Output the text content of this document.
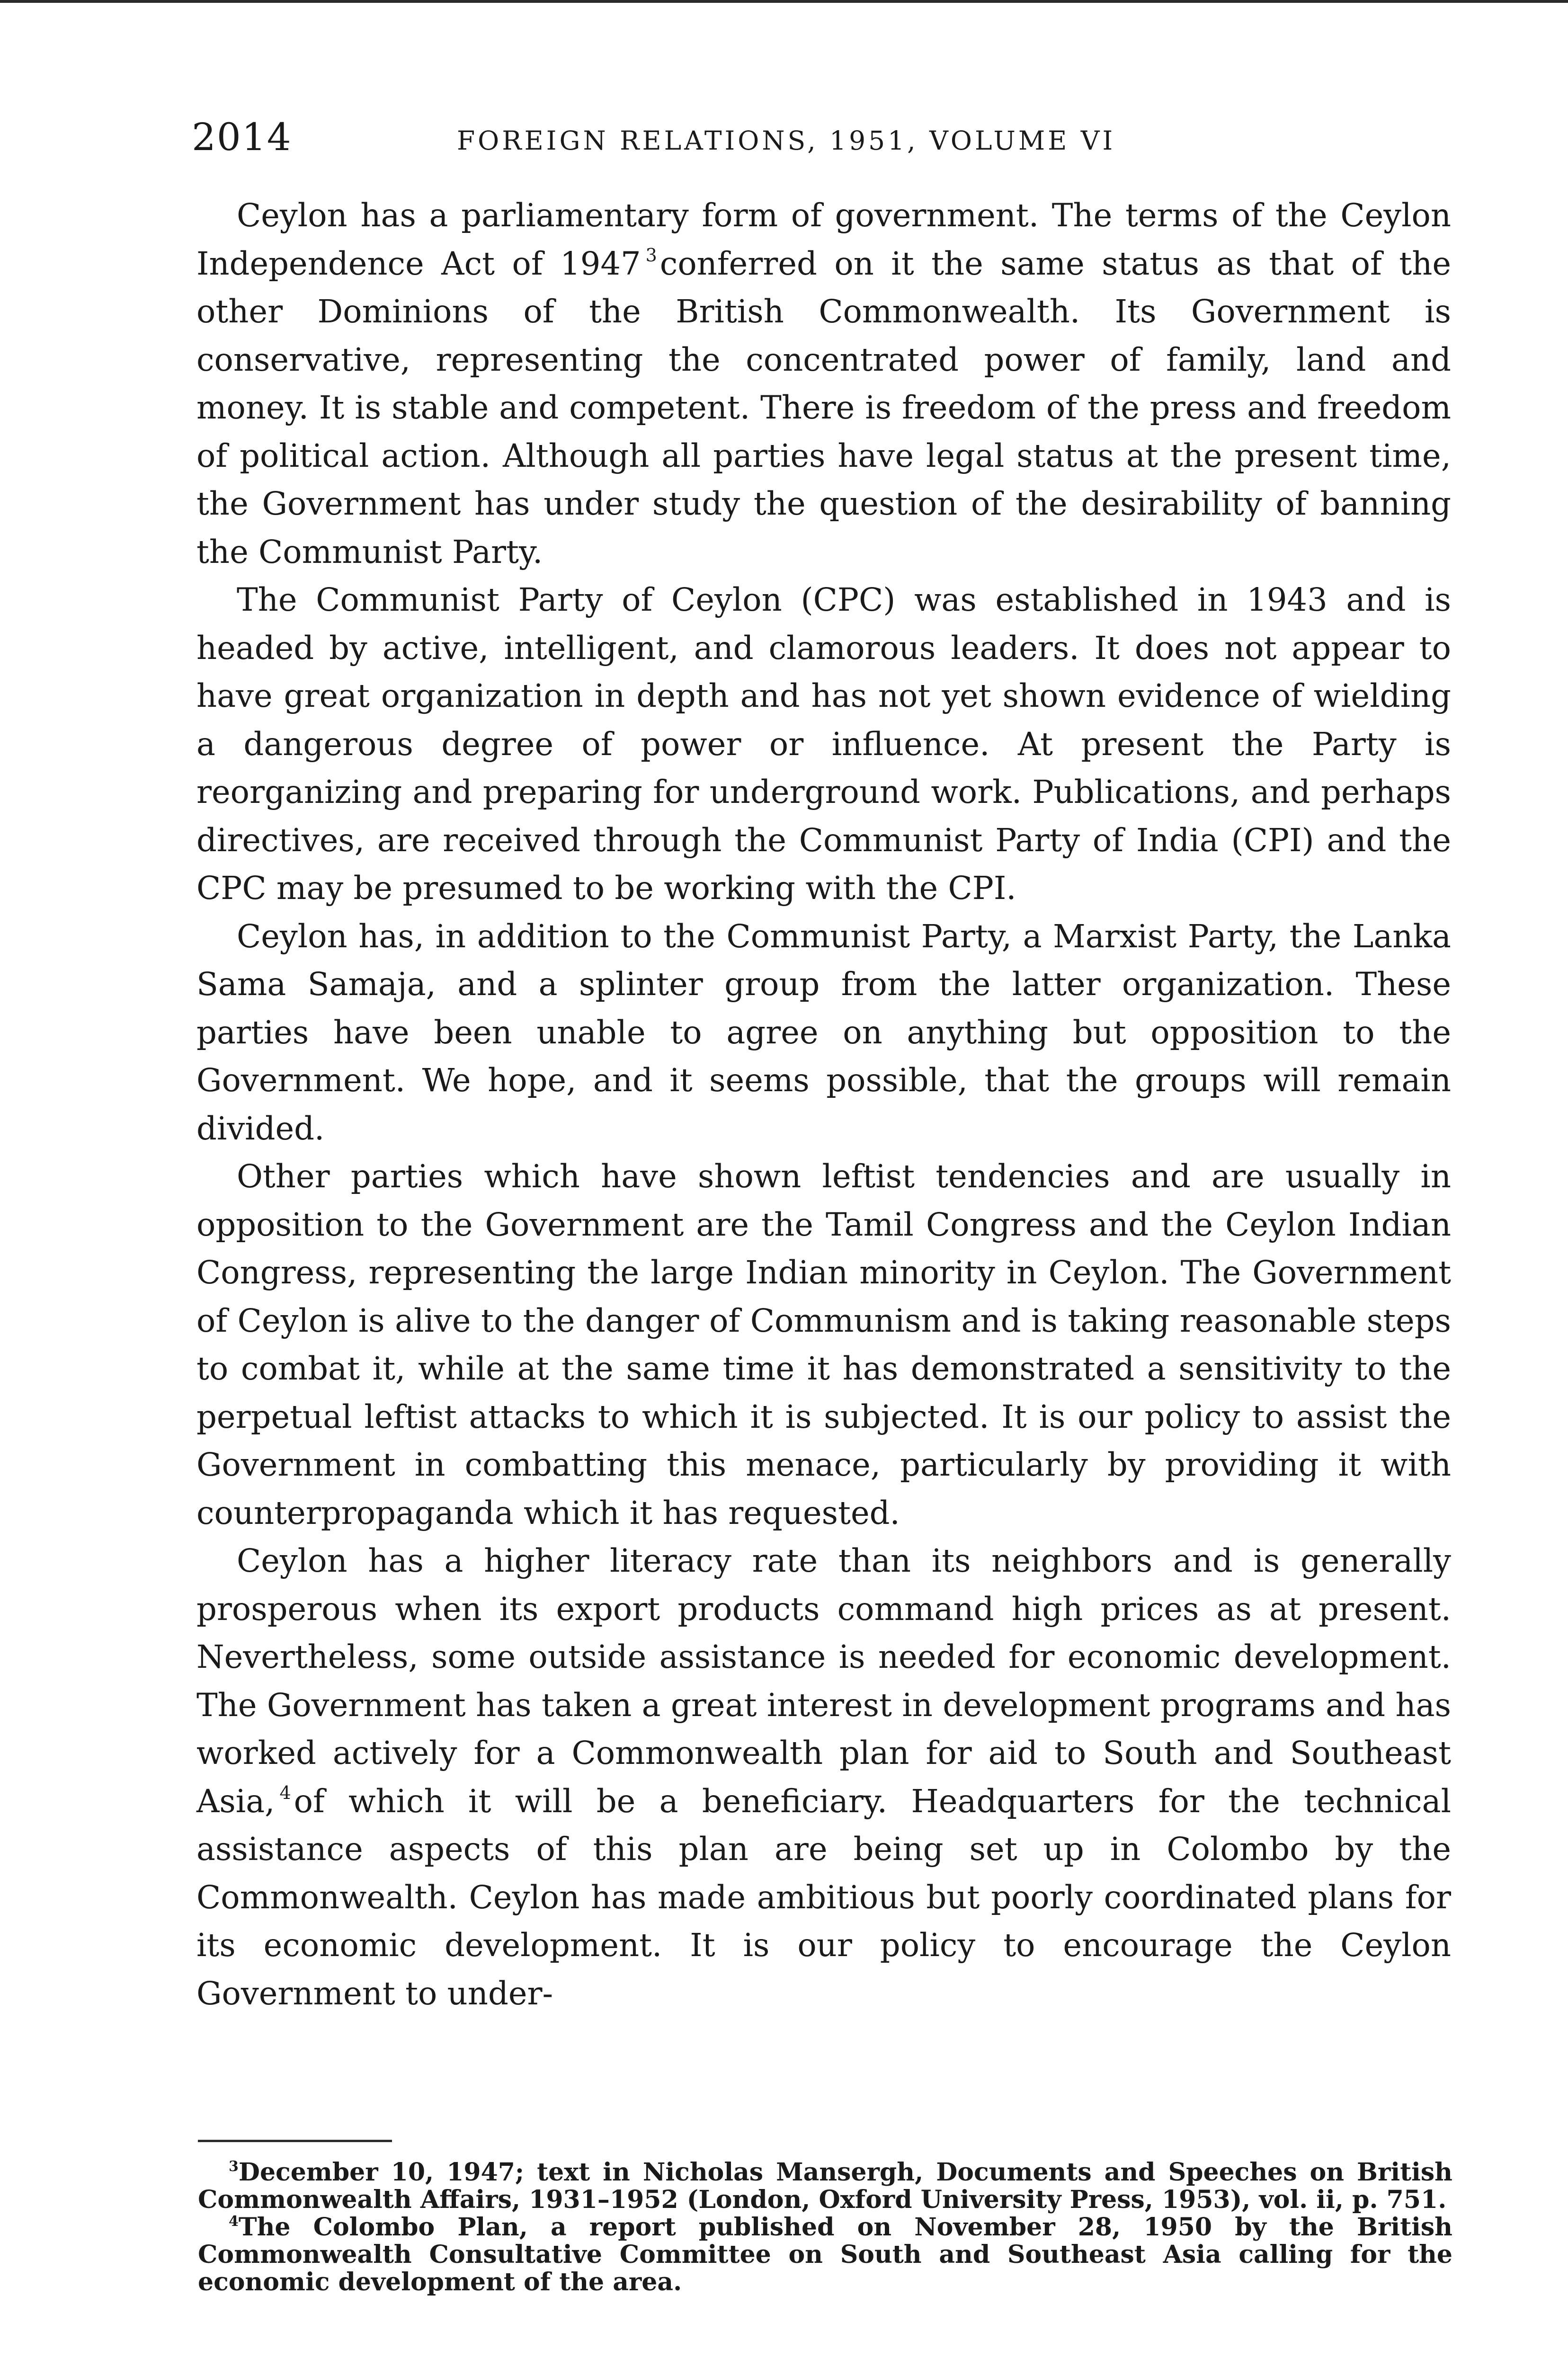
2014	FOREIGN RELATIONS, 1951, VOLUME VI

Ceylon has a parliamentary form of government. The terms of the Ceylon Independence Act of 1947 $^3$conferred on it the same status as that of the other Dominions of the British Commonwealth. Its Government is conservative, representing the concentrated power of family, land and money. It is stable and competent. There is freedom of the press and freedom of political action. Although all parties have legal status at the present time, the Government has under study the question of the desirability of banning the Communist Party.

The Communist Party of Ceylon (CPC) was established in 1943 and is headed by active, intelligent, and clamorous leaders. It does not appear to have great organization in depth and has not yet shown evidence of wielding a dangerous degree of power or influence. At present the Party is reorganizing and preparing for underground work. Publications, and perhaps directives, are received through the Communist Party of India (CPI) and the CPC may be presumed to be working with the CPI.

Ceylon has, in addition to the Communist Party, a Marxist Party, the Lanka Sama Samaja, and a splinter group from the latter organization. These parties have been unable to agree on anything but opposition to the Government. We hope, and it seems possible, that the groups will remain divided.

Other parties which have shown leftist tendencies and are usually in opposition to the Government are the Tamil Congress and the Ceylon Indian Congress, representing the large Indian minority in Ceylon. The Government of Ceylon is alive to the danger of Communism and is taking reasonable steps to combat it, while at the same time it has demonstrated a sensitivity to the perpetual leftist attacks to which it is subjected. It is our policy to assist the Government in combatting this menace, particularly by providing it with counterpropaganda which it has requested.

Ceylon has a higher literacy rate than its neighbors and is generally prosperous when its export products command high prices as at present. Nevertheless, some outside assistance is needed for economic development. The Government has taken a great interest in development programs and has worked actively for a Commonwealth plan for aid to South and Southeast Asia, $^4$of which it will be a beneficiary. Headquarters for the technical assistance aspects of this plan are being set up in Colombo by the Commonwealth. Ceylon has made ambitious but poorly coordinated plans for its economic development. It is our policy to encourage the Ceylon Government to under-

$^3$December 10, 1947; text in Nicholas Mansergh, Documents and Speeches on British Commonwealth Affairs, 1931–1952 (London, Oxford University Press, 1953), vol. ii, p. 751.

$^4$The Colombo Plan, a report published on November 28, 1950 by the British Commonwealth Consultative Committee on South and Southeast Asia calling for the economic development of the area.
